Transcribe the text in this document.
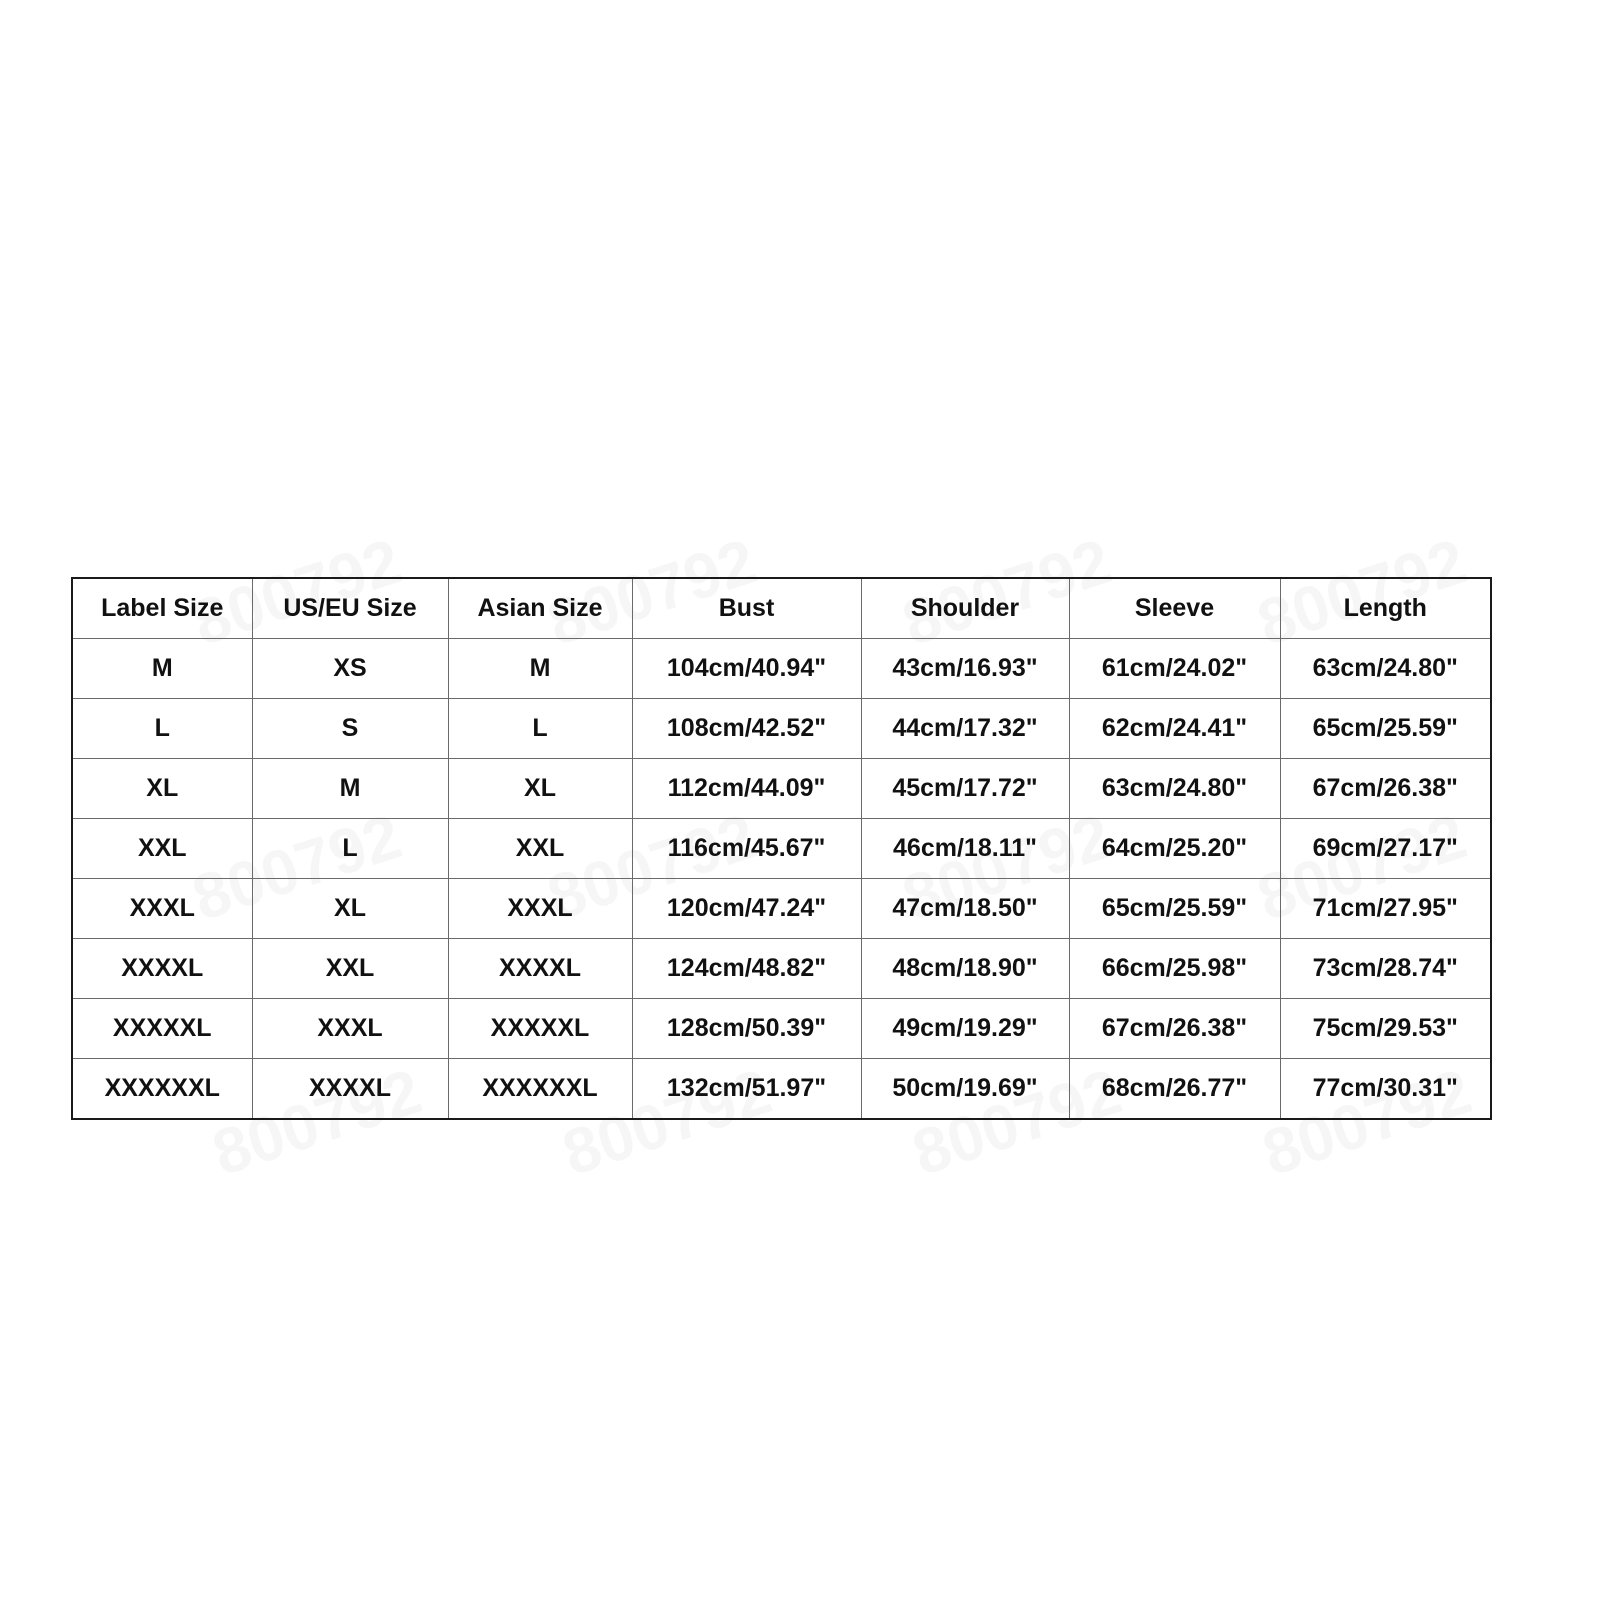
Label Size	US/EU Size	Asian Size	Bust	Shoulder	Sleeve	Length
M	XS	M	104cm/40.94"	43cm/16.93"	61cm/24.02"	63cm/24.80"
L	S	L	108cm/42.52"	44cm/17.32"	62cm/24.41"	65cm/25.59"
XL	M	XL	112cm/44.09"	45cm/17.72"	63cm/24.80"	67cm/26.38"
XXL	L	XXL	116cm/45.67"	46cm/18.11"	64cm/25.20"	69cm/27.17"
XXXL	XL	XXXL	120cm/47.24"	47cm/18.50"	65cm/25.59"	71cm/27.95"
XXXXL	XXL	XXXXL	124cm/48.82"	48cm/18.90"	66cm/25.98"	73cm/28.74"
XXXXXL	XXXL	XXXXXL	128cm/50.39"	49cm/19.29"	67cm/26.38"	75cm/29.53"
XXXXXXL	XXXXL	XXXXXXL	132cm/51.97"	50cm/19.69"	68cm/26.77"	77cm/30.31"
